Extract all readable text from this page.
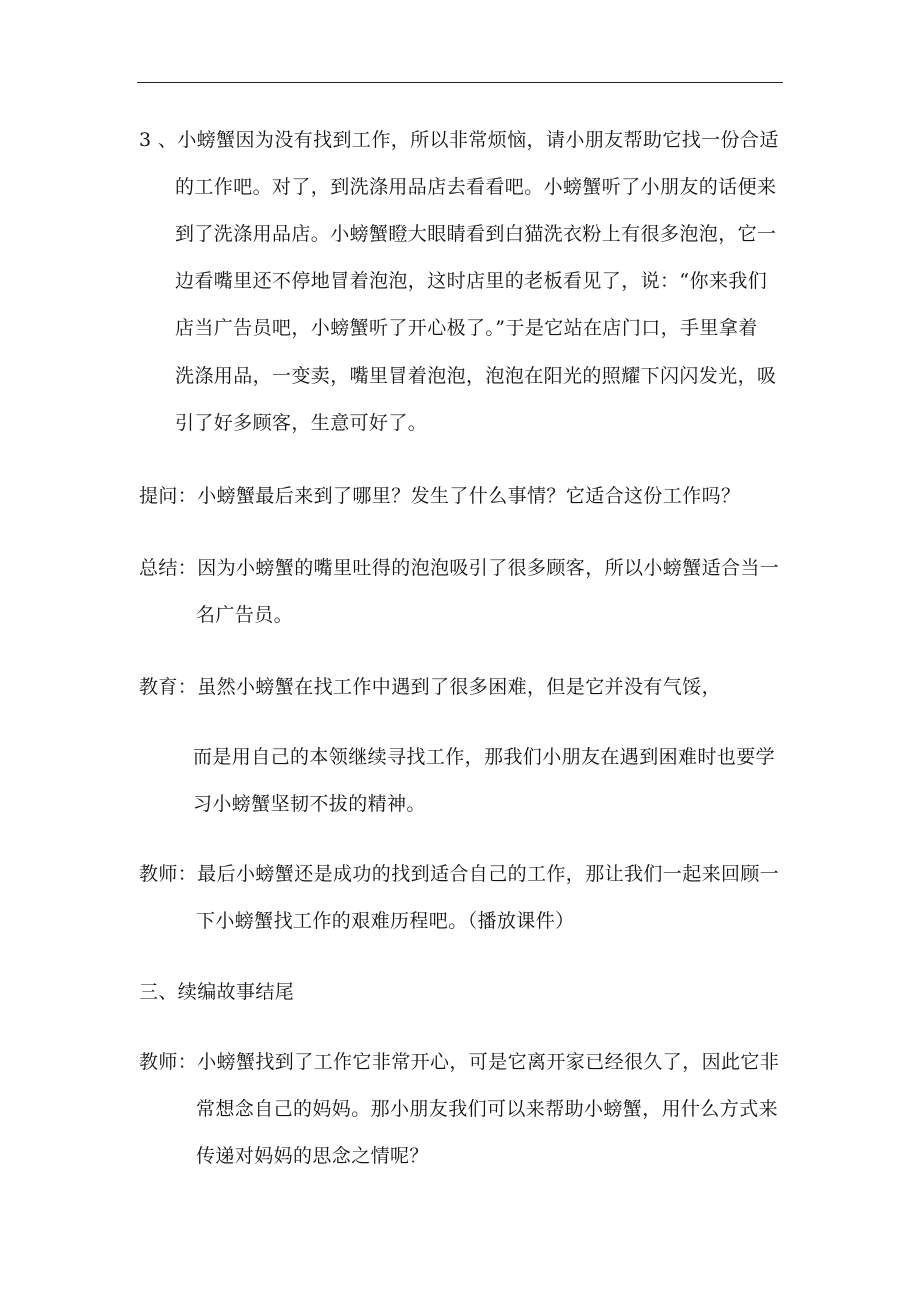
3 、小螃蟹因为没有找到工作，所以非常烦恼，请小朋友帮助它找一份合适
的工作吧。对了，到洗涤用品店去看看吧。小螃蟹听了小朋友的话便来
到了洗涤用品店。小螃蟹瞪大眼睛看到白猫洗衣粉上有很多泡泡，它一
边看嘴里还不停地冒着泡泡，这时店里的老板看见了，说：“你来我们
店当广告员吧，小螃蟹听了开心极了。”于是它站在店门口，手里拿着
洗涤用品，一变卖，嘴里冒着泡泡，泡泡在阳光的照耀下闪闪发光，吸
引了好多顾客，生意可好了。
提问：小螃蟹最后来到了哪里？发生了什么事情？它适合这份工作吗？
总结：因为小螃蟹的嘴里吐得的泡泡吸引了很多顾客，所以小螃蟹适合当一
名广告员。
教育：虽然小螃蟹在找工作中遇到了很多困难，但是它并没有气馁，
而是用自己的本领继续寻找工作，那我们小朋友在遇到困难时也要学
习小螃蟹坚韧不拔的精神。
教师：最后小螃蟹还是成功的找到适合自己的工作，那让我们一起来回顾一
下小螃蟹找工作的艰难历程吧。（播放课件）
三、续编故事结尾
教师：小螃蟹找到了工作它非常开心，可是它离开家已经很久了，因此它非
常想念自己的妈妈。那小朋友我们可以来帮助小螃蟹，用什么方式来
传递对妈妈的思念之情呢？
